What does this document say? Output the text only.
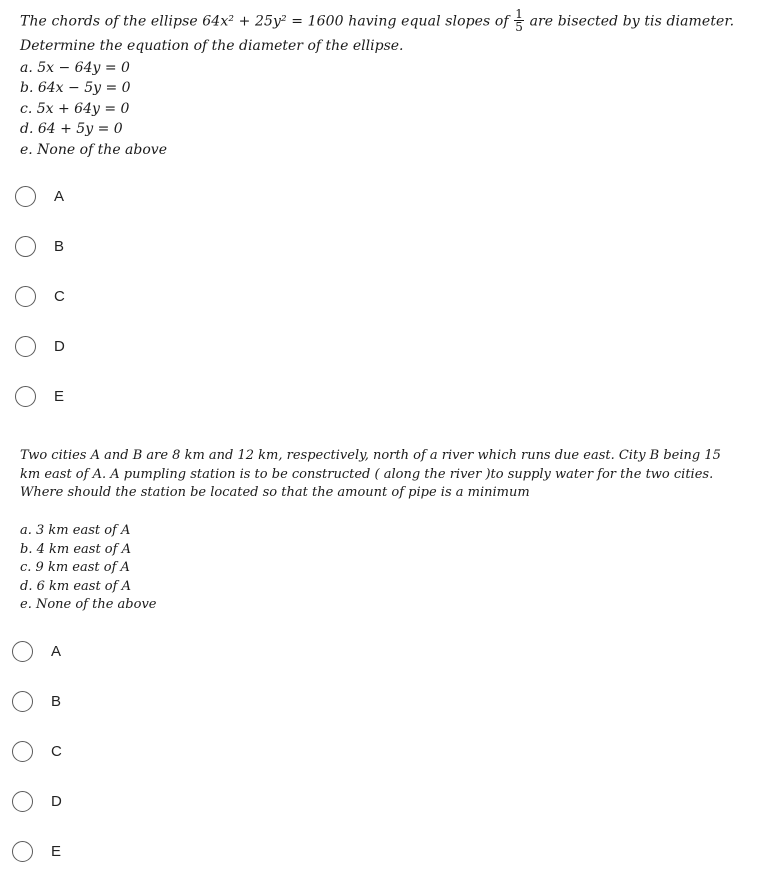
The chords of the ellipse 64x² + 25y² = 1600 having equal slopes of $\frac{1}{5}$ are bisected by tis diameter.
Determine the equation of the diameter of the ellipse.
a. 5x − 64y = 0
b. 64x − 5y = 0
c. 5x + 64y = 0
d. 64 + 5y = 0
e. None of the above
A
B
C
D
E
Two cities A and B are 8 km and 12 km, respectively, north of a river which runs due east. City B being 15 km east of A. A pumpling station is to be constructed ( along the river )to supply water for the two cities. Where should the station be located so that the amount of pipe is a minimum
a. 3 km east of A
b. 4 km east of A
c. 9 km east of A
d. 6 km east of A
e. None of the above
A
B
C
D
E
